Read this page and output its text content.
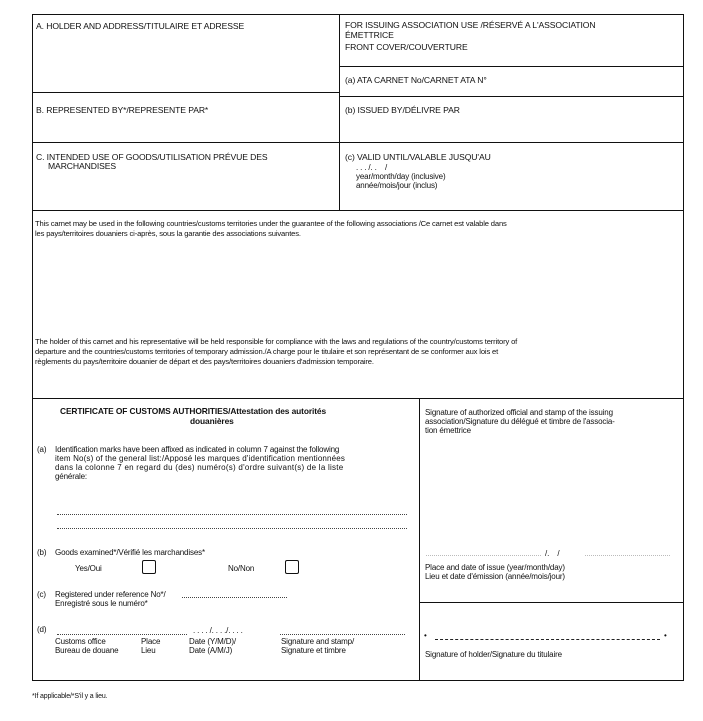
A. HOLDER AND ADDRESS/TITULAIRE ET ADRESSE
B. REPRESENTED BY*/REPRESENTE PAR*
C. INTENDED USE OF GOODS/UTILISATION PRÉVUE DES
MARCHANDISES
FOR ISSUING ASSOCIATION USE /RÉSERVÉ A L'ASSOCIATION
ÉMETTRICE
FRONT COVER/COUVERTURE
(a) ATA CARNET No/CARNET ATA N°
(b) ISSUED BY/DÉLIVRE PAR
(c) VALID UNTIL/VALABLE JUSQU'AU
. . . /. .    /
year/month/day (inclusive)
année/mois/jour (inclus)
This carnet may be used in the following countries/customs territories under the guarantee of the following associations /Ce carnet est valable dans
les pays/territoires douaniers ci-après, sous la garantie des associations suivantes.
The holder of this carnet and his representative will be held responsible for compliance with the laws and regulations of the country/customs territory of
departure and the countries/customs territories of temporary admission./A charge pour le titulaire et son représentant de se conformer aux lois et
règlements du pays/territoire douanier de départ et des pays/territoires douaniers d'admission temporaire.
CERTIFICATE OF CUSTOMS AUTHORITIES/Attestation des autorités
douanières
(a) Identification marks have been affixed as indicated in column 7 against the following
item No(s) of the general list:/Apposé les marques d'identification mentionnées
dans la colonne 7 en regard du (des) numéro(s) d'ordre suivant(s) de la liste
générale:
(b) Goods examined*/Vérifié les marchandises*
Yes/Oui	No/Non
(c) Registered under reference No*/
Enregistré sous le numéro*
(d)	. . . . /. . . ./. . . .
Customs office
Bureau de douane
Place
Lieu
Date (Y/M/D)/
Date (A/M/J)
Signature and stamp/
Signature et timbre
Signature of authorized official and stamp of the issuing
association/Signature du délégué et timbre de l'associa-
tion émettrice
/.    /
Place and date of issue (year/month/day)
Lieu et date d'émission (année/mois/jour)
•	•
Signature of holder/Signature du titulaire
*If applicable/*S'il y a lieu.
